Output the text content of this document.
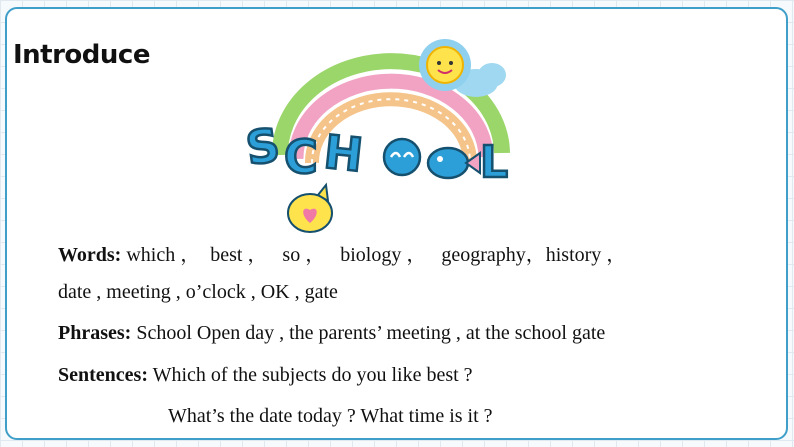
Introduce
S C H	L
Words: which ，  best ，   so ，   biology ，   geography，history ，
date , meeting , o’clock , OK , gate
Phrases: School Open day , the parents’ meeting , at the school gate
Sentences: Which of the subjects do you like best ?
What’s the date today ? What time is it ?
